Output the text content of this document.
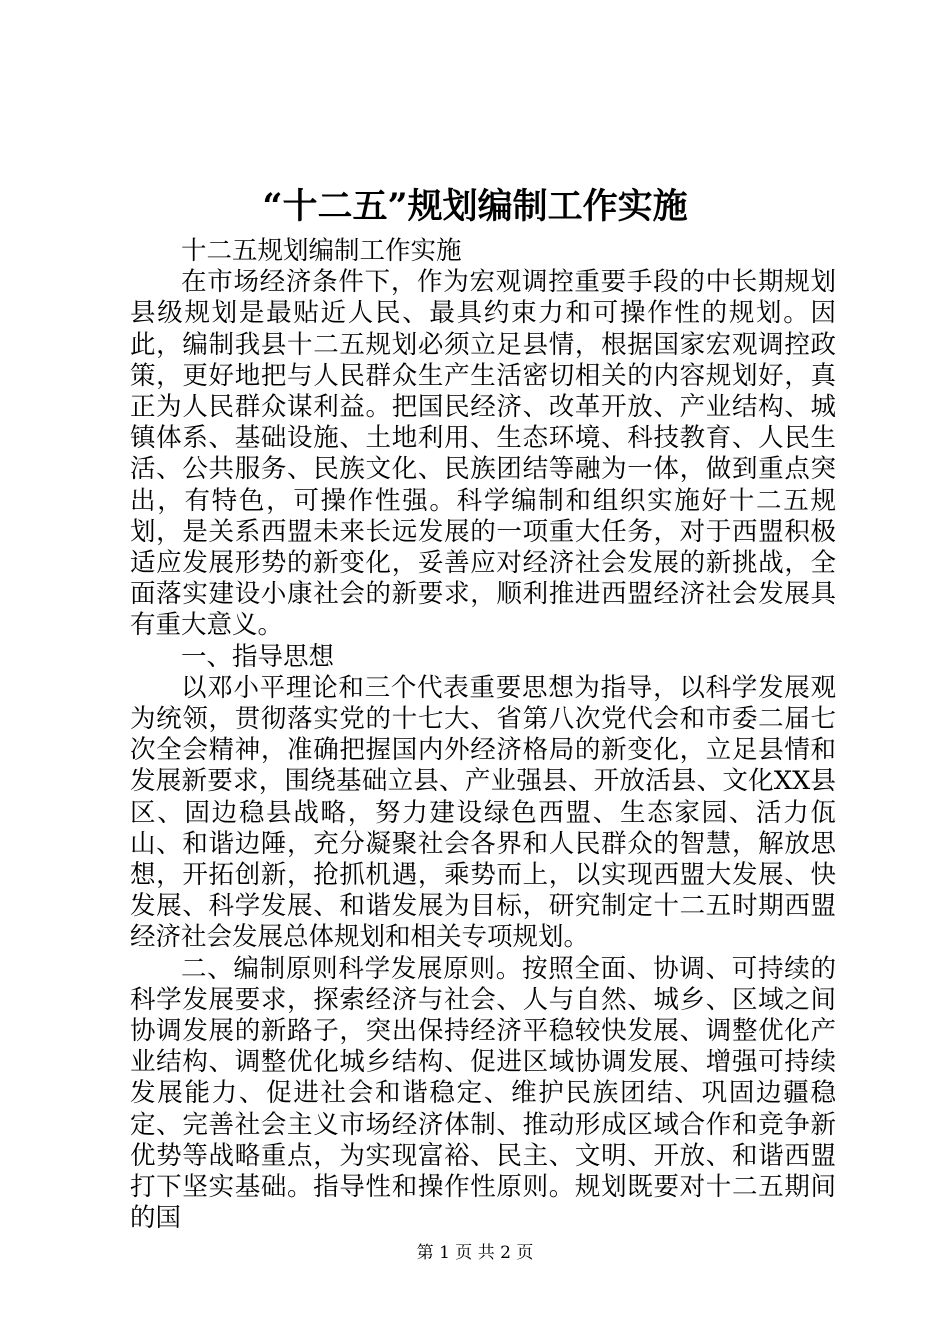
“十二五”规划编制工作实施

十二五规划编制工作实施

在市场经济条件下，作为宏观调控重要手段的中长期规划县级规划是最贴近人民、最具约束力和可操作性的规划。因此，编制我县十二五规划必须立足县情，根据国家宏观调控政策，更好地把与人民群众生产生活密切相关的内容规划好，真正为人民群众谋利益。把国民经济、改革开放、产业结构、城镇体系、基础设施、土地利用、生态环境、科技教育、人民生活、公共服务、民族文化、民族团结等融为一体，做到重点突出，有特色，可操作性强。科学编制和组织实施好十二五规划，是关系西盟未来长远发展的一项重大任务，对于西盟积极适应发展形势的新变化，妥善应对经济社会发展的新挑战，全面落实建设小康社会的新要求，顺利推进西盟经济社会发展具有重大意义。

一、指导思想

以邓小平理论和三个代表重要思想为指导，以科学发展观为统领，贯彻落实党的十七大、省第八次党代会和市委二届七次全会精神，准确把握国内外经济格局的新变化，立足县情和发展新要求，围绕基础立县、产业强县、开放活县、文化XX县区、固边稳县战略，努力建设绿色西盟、生态家园、活力佤山、和谐边陲，充分凝聚社会各界和人民群众的智慧，解放思想，开拓创新，抢抓机遇，乘势而上，以实现西盟大发展、快发展、科学发展、和谐发展为目标，研究制定十二五时期西盟经济社会发展总体规划和相关专项规划。

二、编制原则科学发展原则。按照全面、协调、可持续的科学发展要求，探索经济与社会、人与自然、城乡、区域之间协调发展的新路子，突出保持经济平稳较快发展、调整优化产业结构、调整优化城乡结构、促进区域协调发展、增强可持续发展能力、促进社会和谐稳定、维护民族团结、巩固边疆稳定、完善社会主义市场经济体制、推动形成区域合作和竞争新优势等战略重点，为实现富裕、民主、文明、开放、和谐西盟打下坚实基础。指导性和操作性原则。规划既要对十二五期间的国

第 1 页 共 2 页
